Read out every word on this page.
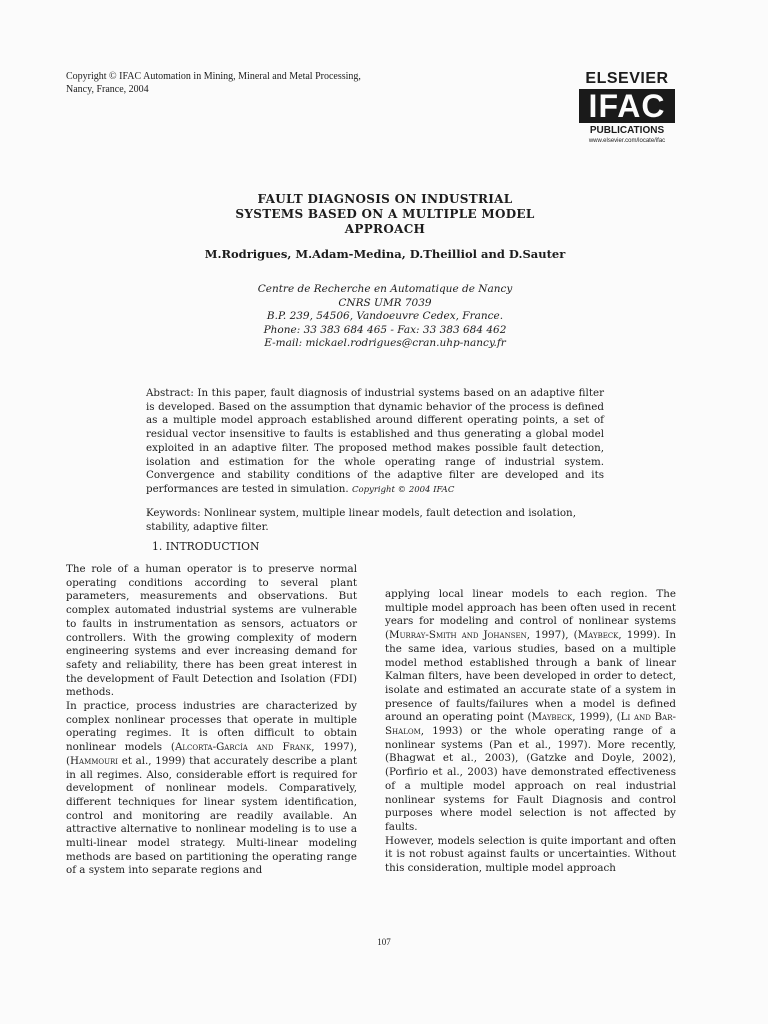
Copyright © IFAC Automation in Mining, Mineral and Metal Processing,
Nancy, France, 2004
ELSEVIER
IFAC
PUBLICATIONS
www.elsevier.com/locate/ifac
FAULT DIAGNOSIS ON INDUSTRIAL
SYSTEMS BASED ON A MULTIPLE MODEL
APPROACH
M.Rodrigues, M.Adam-Medina, D.Theilliol and D.Sauter
Centre de Recherche en Automatique de Nancy
CNRS UMR 7039
B.P. 239, 54506, Vandoeuvre Cedex, France.
Phone: 33 383 684 465 - Fax: 33 383 684 462
E-mail: mickael.rodrigues@cran.uhp-nancy.fr
Abstract: In this paper, fault diagnosis of industrial systems based on an adaptive filter is developed. Based on the assumption that dynamic behavior of the process is defined as a multiple model approach established around different operating points, a set of residual vector insensitive to faults is established and thus generating a global model exploited in an adaptive filter. The proposed method makes possible fault detection, isolation and estimation for the whole operating range of industrial system. Convergence and stability conditions of the adaptive filter are developed and its performances are tested in simulation. Copyright © 2004 IFAC
Keywords: Nonlinear system, multiple linear models, fault detection and isolation, stability, adaptive filter.
1. INTRODUCTION

The role of a human operator is to preserve normal operating conditions according to several plant parameters, measurements and observations. But complex automated industrial systems are vulnerable to faults in instrumentation as sensors, actuators or controllers. With the growing complexity of modern engineering systems and ever increasing demand for safety and reliability, there has been great interest in the development of Fault Detection and Isolation (FDI) methods.

In practice, process industries are characterized by complex nonlinear processes that operate in multiple operating regimes. It is often difficult to obtain nonlinear models (Alcorta-García and Frank, 1997), (Hammouri et al., 1999) that accurately describe a plant in all regimes. Also, considerable effort is required for development of nonlinear models. Comparatively, different techniques for linear system identification, control and monitoring are readily available. An attractive alternative to nonlinear modeling is to use a multi-linear model strategy. Multi-linear modeling methods are based on partitioning the operating range of a system into separate regions and

applying local linear models to each region. The multiple model approach has been often used in recent years for modeling and control of nonlinear systems (Murray-Smith and Johansen, 1997), (Maybeck, 1999). In the same idea, various studies, based on a multiple model method established through a bank of linear Kalman filters, have been developed in order to detect, isolate and estimated an accurate state of a system in presence of faults/failures when a model is defined around an operating point (Maybeck, 1999), (Li and Bar-Shalom, 1993) or the whole operating range of a nonlinear systems (Pan et al., 1997). More recently, (Bhagwat et al., 2003), (Gatzke and Doyle, 2002), (Porfirio et al., 2003) have demonstrated effectiveness of a multiple model approach on real industrial nonlinear systems for Fault Diagnosis and control purposes where model selection is not affected by faults.

However, models selection is quite important and often it is not robust against faults or uncertainties. Without this consideration, multiple model approach

107
